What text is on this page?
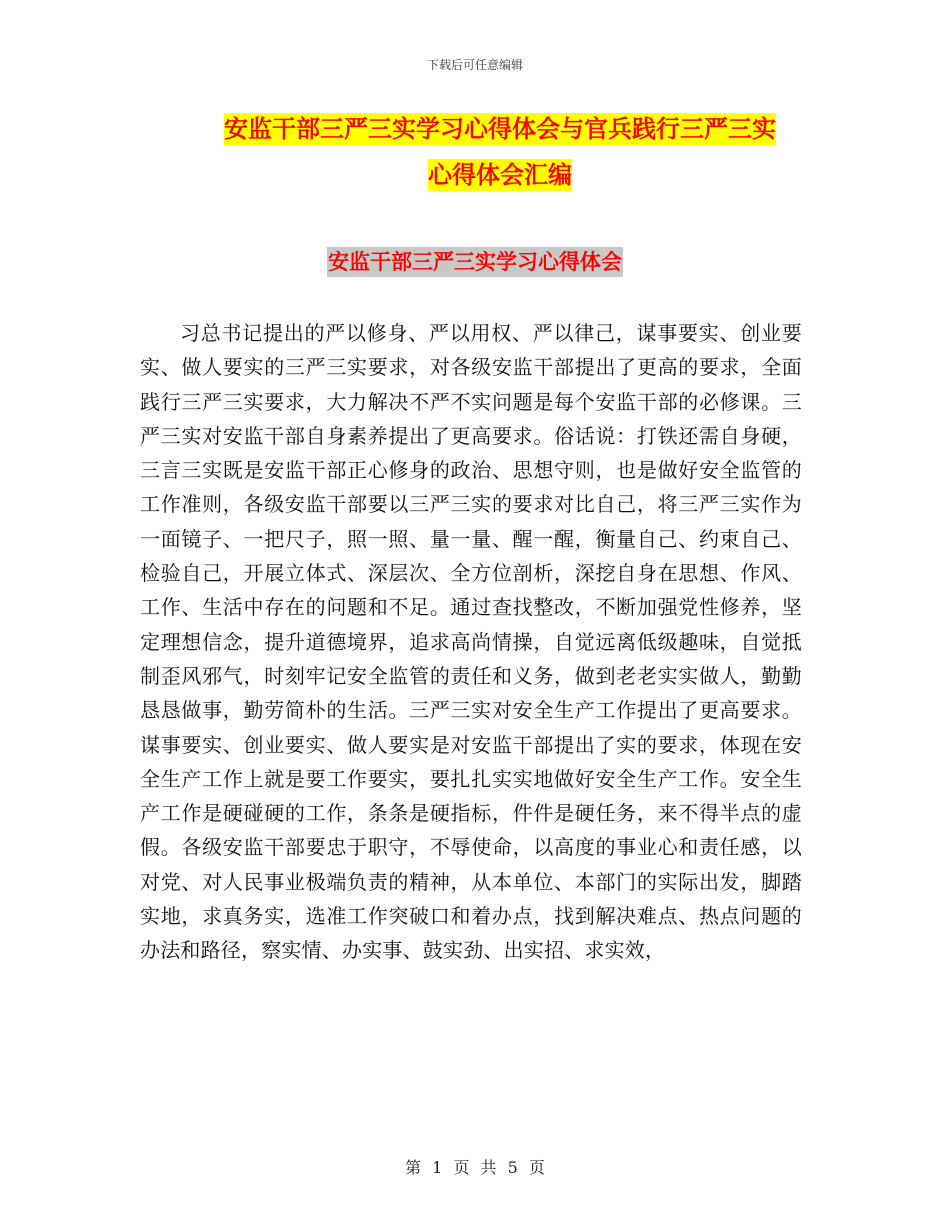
下载后可任意编辑
安监干部三严三实学习心得体会与官兵践行三严三实
心得体会汇编
安监干部三严三实学习心得体会

习总书记提出的严以修身、严以用权、严以律己，谋事要实、创业要实、做人要实的三严三实要求，对各级安监干部提出了更高的要求，全面践行三严三实要求，大力解决不严不实问题是每个安监干部的必修课。三严三实对安监干部自身素养提出了更高要求。俗话说：打铁还需自身硬，三言三实既是安监干部正心修身的政治、思想守则，也是做好安全监管的工作准则，各级安监干部要以三严三实的要求对比自己，将三严三实作为一面镜子、一把尺子，照一照、量一量、醒一醒，衡量自己、约束自己、检验自己，开展立体式、深层次、全方位剖析，深挖自身在思想、作风、工作、生活中存在的问题和不足。通过查找整改，不断加强党性修养，坚定理想信念，提升道德境界，追求高尚情操，自觉远离低级趣味，自觉抵制歪风邪气，时刻牢记安全监管的责任和义务，做到老老实实做人，勤勤恳恳做事，勤劳简朴的生活。三严三实对安全生产工作提出了更高要求。谋事要实、创业要实、做人要实是对安监干部提出了实的要求，体现在安全生产工作上就是要工作要实，要扎扎实实地做好安全生产工作。安全生产工作是硬碰硬的工作，条条是硬指标，件件是硬任务，来不得半点的虚假。各级安监干部要忠于职守，不辱使命，以高度的事业心和责任感，以对党、对人民事业极端负责的精神，从本单位、本部门的实际出发，脚踏实地，求真务实，选准工作突破口和着办点，找到解决难点、热点问题的办法和路径，察实情、办实事、鼓实劲、出实招、求实效，

第 1 页 共 5 页
